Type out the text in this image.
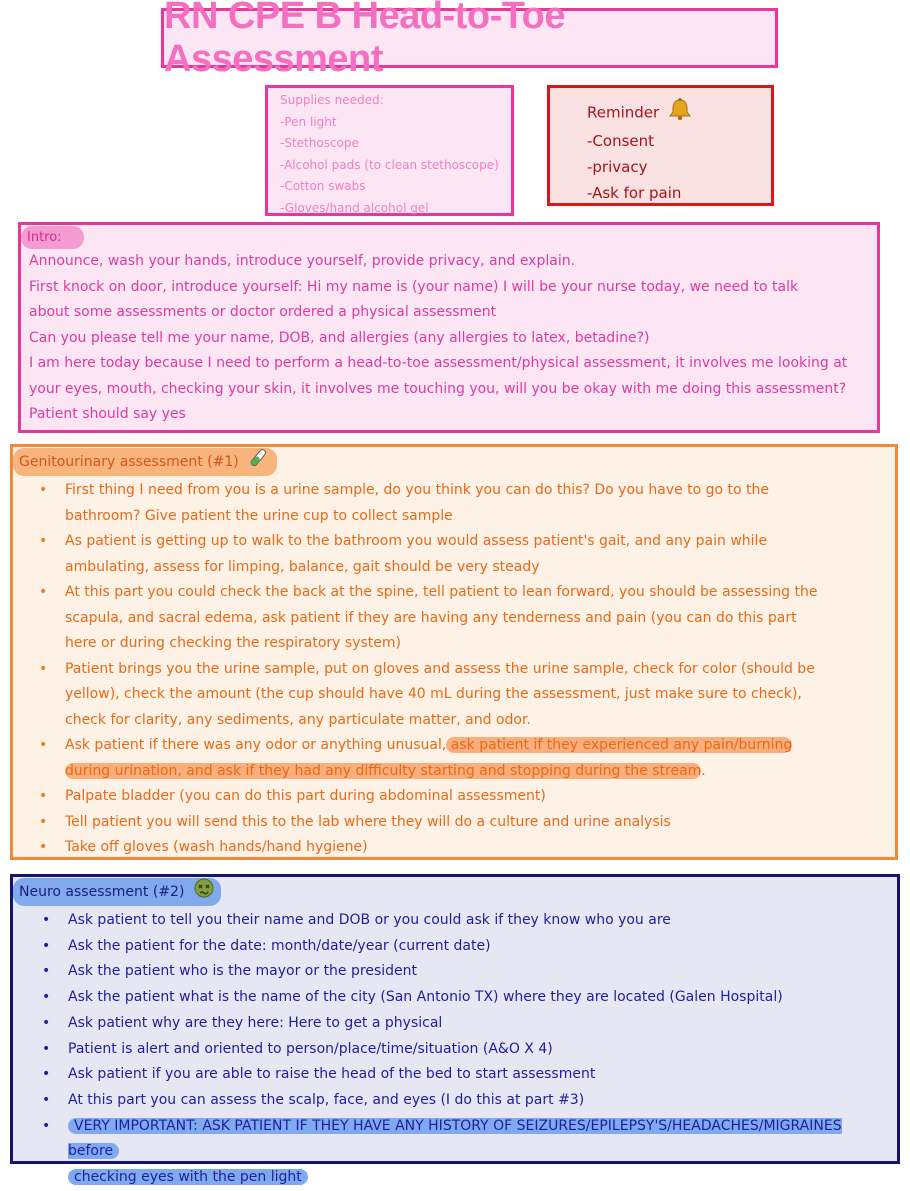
RN CPE B Head-to-Toe Assessment
Supplies needed:
-Pen light
-Stethoscope
-Alcohol pads (to clean stethoscope)
-Cotton swabs
-Gloves/hand alcohol gel
Reminder
-Consent
-privacy
-Ask for pain
Intro:
Announce, wash your hands, introduce yourself, provide privacy, and explain.
First knock on door, introduce yourself: Hi my name is (your name) I will be your nurse today, we need to talk
about some assessments or doctor ordered a physical assessment
Can you please tell me your name, DOB, and allergies (any allergies to latex, betadine?)
I am here today because I need to perform a head-to-toe assessment/physical assessment, it involves me looking at
your eyes, mouth, checking your skin, it involves me touching you, will you be okay with me doing this assessment?
Patient should say yes
Genitourinary assessment (#1)
• First thing I need from you is a urine sample, do you think you can do this? Do you have to go to the
bathroom? Give patient the urine cup to collect sample
• As patient is getting up to walk to the bathroom you would assess patient's gait, and any pain while
ambulating, assess for limping, balance, gait should be very steady
• At this part you could check the back at the spine, tell patient to lean forward, you should be assessing the
scapula, and sacral edema, ask patient if they are having any tenderness and pain (you can do this part
here or during checking the respiratory system)
• Patient brings you the urine sample, put on gloves and assess the urine sample, check for color (should be
yellow), check the amount (the cup should have 40 mL during the assessment, just make sure to check),
check for clarity, any sediments, any particulate matter, and odor.
• Ask patient if there was any odor or anything unusual, ask patient if they experienced any pain/burning
during urination, and ask if they had any difficulty starting and stopping during the stream.
• Palpate bladder (you can do this part during abdominal assessment)
• Tell patient you will send this to the lab where they will do a culture and urine analysis
• Take off gloves (wash hands/hand hygiene)
Neuro assessment (#2)
• Ask patient to tell you their name and DOB or you could ask if they know who you are
• Ask the patient for the date: month/date/year (current date)
• Ask the patient who is the mayor or the president
• Ask the patient what is the name of the city (San Antonio TX) where they are located (Galen Hospital)
• Ask patient why are they here: Here to get a physical
• Patient is alert and oriented to person/place/time/situation (A&O X 4)
• Ask patient if you are able to raise the head of the bed to start assessment
• At this part you can assess the scalp, face, and eyes (I do this at part #3)
• VERY IMPORTANT: ASK PATIENT IF THEY HAVE ANY HISTORY OF SEIZURES/EPILEPSY'S/HEADACHES/MIGRAINES before
checking eyes with the pen light
